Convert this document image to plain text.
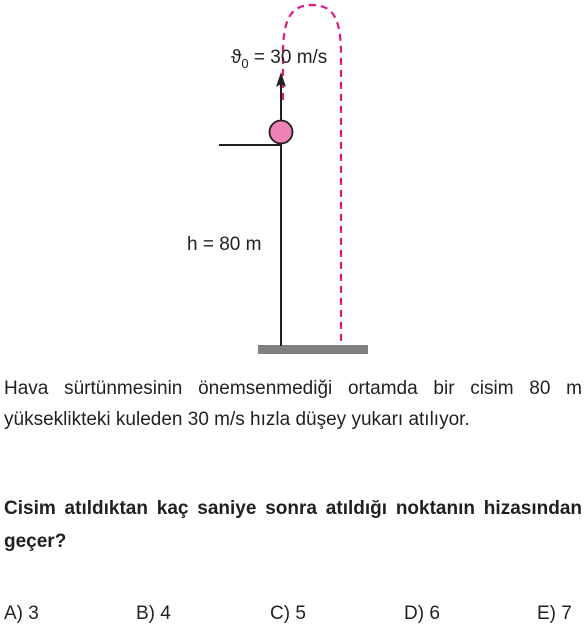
$ϑ_0 = 30$ m/s
h = 80 m

Hava sürtünmesinin önemsenmediği ortamda bir cisim 80 m yükseklikteki kuleden 30 m/s hızla düşey yukarı atılıyor.

Cisim atıldıktan kaç saniye sonra atıldığı noktanın hizasından geçer?

A) 3	B) 4	C) 5	D) 6	E) 7
